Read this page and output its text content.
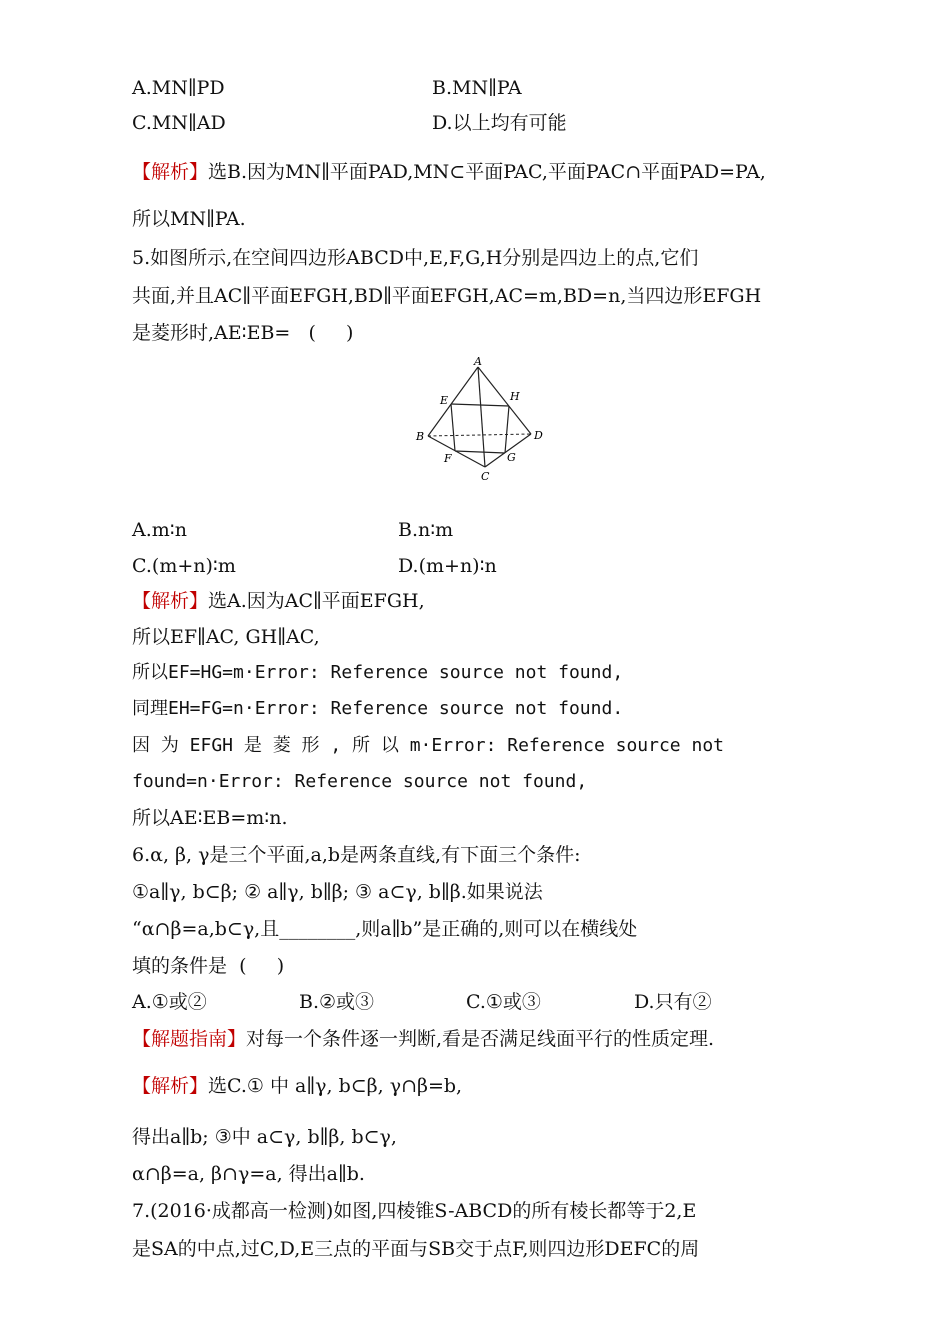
A.MN∥PD	B.MN∥PA
C.MN∥AD	D.以上均有可能
【解析】选B.因为MN∥平面PAD,MN⊂平面PAC,平面PAC∩平面PAD=PA,
所以MN∥PA.
5.如图所示,在空间四边形ABCD中,E,F,G,H分别是四边上的点,它们
共面,并且AC∥平面EFGH,BD∥平面EFGH,AC=m,BD=n,当四边形EFGH
是菱形时,AE∶EB=   (     )
A
B
C
D
E
F	G
H
A.m∶n	B.n∶m
C.(m+n)∶m	D.(m+n)∶n
【解析】选A.因为AC∥平面EFGH,
所以EF∥AC, GH∥AC,
所以EF=HG=m·Error: Reference source not found,
同理EH=FG=n·Error: Reference source not found.
因 为 EFGH 是 菱 形 , 所 以 m·Error: Reference source not
found=n·Error: Reference source not found,
所以AE∶EB=m∶n.
6.α, β, γ是三个平面,a,b是两条直线,有下面三个条件:
①a∥γ, b⊂β; ② a∥γ, b∥β; ③ a⊂γ, b∥β.如果说法
“α∩β=a,b⊂γ,且________,则a∥b”是正确的,则可以在横线处
填的条件是  (     )
A.①或②	B.②或③	C.①或③	D.只有②
【解题指南】对每一个条件逐一判断,看是否满足线面平行的性质定理.
【解析】选C.① 中 a∥γ, b⊂β, γ∩β=b,
得出a∥b; ③中 a⊂γ, b∥β, b⊂γ,
α∩β=a, β∩γ=a, 得出a∥b.
7.(2016·成都高一检测)如图,四棱锥S-ABCD的所有棱长都等于2,E
是SA的中点,过C,D,E三点的平面与SB交于点F,则四边形DEFC的周
